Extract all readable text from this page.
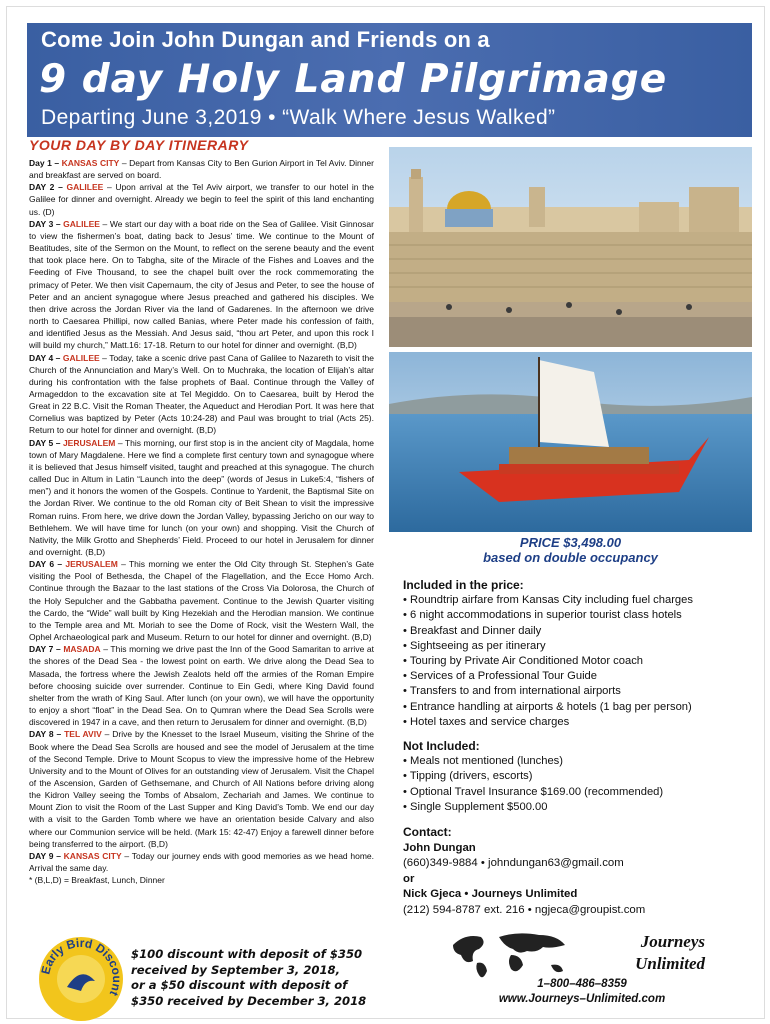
Come Join John Dungan and Friends on a
9 day Holy Land Pilgrimage
Departing June 3,2019 • “Walk Where Jesus Walked”
YOUR DAY BY DAY ITINERARY

Day 1 – KANSAS CITY – Depart from Kansas City to Ben Gurion Airport in Tel Aviv. Dinner and breakfast are served on board.

DAY 2 – GALILEE – Upon arrival at the Tel Aviv airport, we transfer to our hotel in the Galilee for dinner and overnight. Already we begin to feel the spirit of this land enchanting us. (D)

DAY 3 – GALILEE – We start our day with a boat ride on the Sea of Galilee. Visit Ginnosar to view the fishermen’s boat, dating back to Jesus’ time. We continue to the Mount of Beatitudes, site of the Sermon on the Mount, to reflect on the serene beauty and the event that took place here. On to Tabgha, site of the Miracle of the Fishes and Loaves and the Feeding of Five Thousand, to see the chapel built over the rock commemorating the primacy of Peter. We then visit Capernaum, the city of Jesus and Peter, to see the house of Peter and an ancient synagogue where Jesus preached and gathered his disciples. We then drive across the Jordan River via the land of Gadarenes. In the afternoon we drive north to Caesarea Phillipi, now called Banias, where Peter made his confession of faith, and identified Jesus as the Messiah. And Jesus said, “thou art Peter, and upon this rock I will build my church,” Matt.16: 17-18. Return to our hotel for dinner and overnight. (B,D)

DAY 4 – GALILEE – Today, take a scenic drive past Cana of Galilee to Nazareth to visit the Church of the Annunciation and Mary’s Well. On to Muchraka, the location of Elijah’s altar during his confrontation with the false prophets of Baal. Continue through the Valley of Armageddon to the excavation site at Tel Megiddo. On to Caesarea, built by Herod the Great in 22 B.C. Visit the Roman Theater, the Aqueduct and Herodian Port. It was here that Cornelius was baptized by Peter (Acts 10:24-28) and Paul was brought to trial (Acts 25). Return to our hotel for dinner and overnight. (B,D)

DAY 5 – JERUSALEM – This morning, our first stop is in the ancient city of Magdala, home town of Mary Magdalene. Here we find a complete first century town and synagogue where it is believed that Jesus himself visited, taught and preached at this synagogue. The church called Duc in Altum in Latin “Launch into the deep” (words of Jesus in Luke5:4, “fishers of men”) and it honors the women of the Gospels. Continue to Yardenit, the Baptismal Site on the Jordan River. We continue to the old Roman city of Beit Shean to visit the impressive Roman ruins. From here, we drive down the Jordan Valley, bypassing Jericho on our way to Bethlehem. We will have time for lunch (on your own) and shopping. Visit the Church of Nativity, the Milk Grotto and Shepherds’ Field. Proceed to our hotel in Jerusalem for dinner and overnight. (B,D)

DAY 6 – JERUSALEM – This morning we enter the Old City through St. Stephen’s Gate visiting the Pool of Bethesda, the Chapel of the Flagellation, and the Ecce Homo Arch. Continue through the Bazaar to the last stations of the Cross Via Dolorosa, the Church of the Holy Sepulcher and the Gabbatha pavement. Continue to the Jewish Quarter visiting the Cardo, the “Wide” wall built by King Hezekiah and the Herodian mansion. We continue to the Temple area and Mt. Moriah to see the Dome of Rock, visit the Western Wall, the Ophel Archaeological park and Museum. Return to our hotel for dinner and overnight. (B,D)

DAY 7 – MASADA – This morning we drive past the Inn of the Good Samaritan to arrive at the shores of the Dead Sea - the lowest point on earth. We drive along the Dead Sea to Masada, the fortress where the Jewish Zealots held off the armies of the Roman Empire before choosing suicide over surrender. Continue to Ein Gedi, where King David found shelter from the wrath of King Saul. After lunch (on your own), we will have the opportunity to enjoy a short “float” in the Dead Sea. On to Qumran where the Dead Sea Scrolls were discovered in 1947 in a cave, and then return to Jerusalem for dinner and overnight. (B,D)

DAY 8 – TEL AVIV – Drive by the Knesset to the Israel Museum, visiting the Shrine of the Book where the Dead Sea Scrolls are housed and see the model of Jerusalem at the time of the Second Temple. Drive to Mount Scopus to view the impressive home of the Hebrew University and to the Mount of Olives for an outstanding view of Jerusalem. Visit the Chapel of the Ascension, Garden of Gethsemane, and Church of All Nations before driving along the Kidron Valley seeing the Tombs of Absalom, Zechariah and James. We continue to Mount Zion to visit the Room of the Last Supper and King David’s Tomb. We end our day with a visit to the Garden Tomb where we have an orientation beside Calvary and also where our Communion service will be held. (Mark 15: 42-47) Enjoy a farewell dinner before being transferred to the airport. (B,D)

DAY 9 – KANSAS CITY – Today our journey ends with good memories as we head home. Arrival the same day.

* (B,L,D) = Breakfast, Lunch, Dinner

PRICE $3,498.00
based on double occupancy
Included in the price:
• Roundtrip airfare from Kansas City including fuel charges
• 6 night accommodations in superior tourist class hotels
• Breakfast and Dinner daily
• Sightseeing as per itinerary
• Touring by Private Air Conditioned Motor coach
• Services of a Professional Tour Guide
• Transfers to and from international airports
• Entrance handling at airports & hotels (1 bag per person)
• Hotel taxes and service charges
Not Included:
• Meals not mentioned (lunches)
• Tipping (drivers, escorts)
• Optional Travel Insurance $169.00 (recommended)
• Single Supplement $500.00
Contact:
John Dungan
(660)349-9884 • johndungan63@gmail.com
or
Nick Gjeca • Journeys Unlimited
(212) 594-8787 ext. 216 • ngjeca@groupist.com
Early Bird Discount
$100 discount with deposit of $350
received by September 3, 2018,
or a $50 discount with deposit of
$350 received by December 3, 2018
Journeys
Unlimited
1–800–486–8359
www.Journeys–Unlimited.com
